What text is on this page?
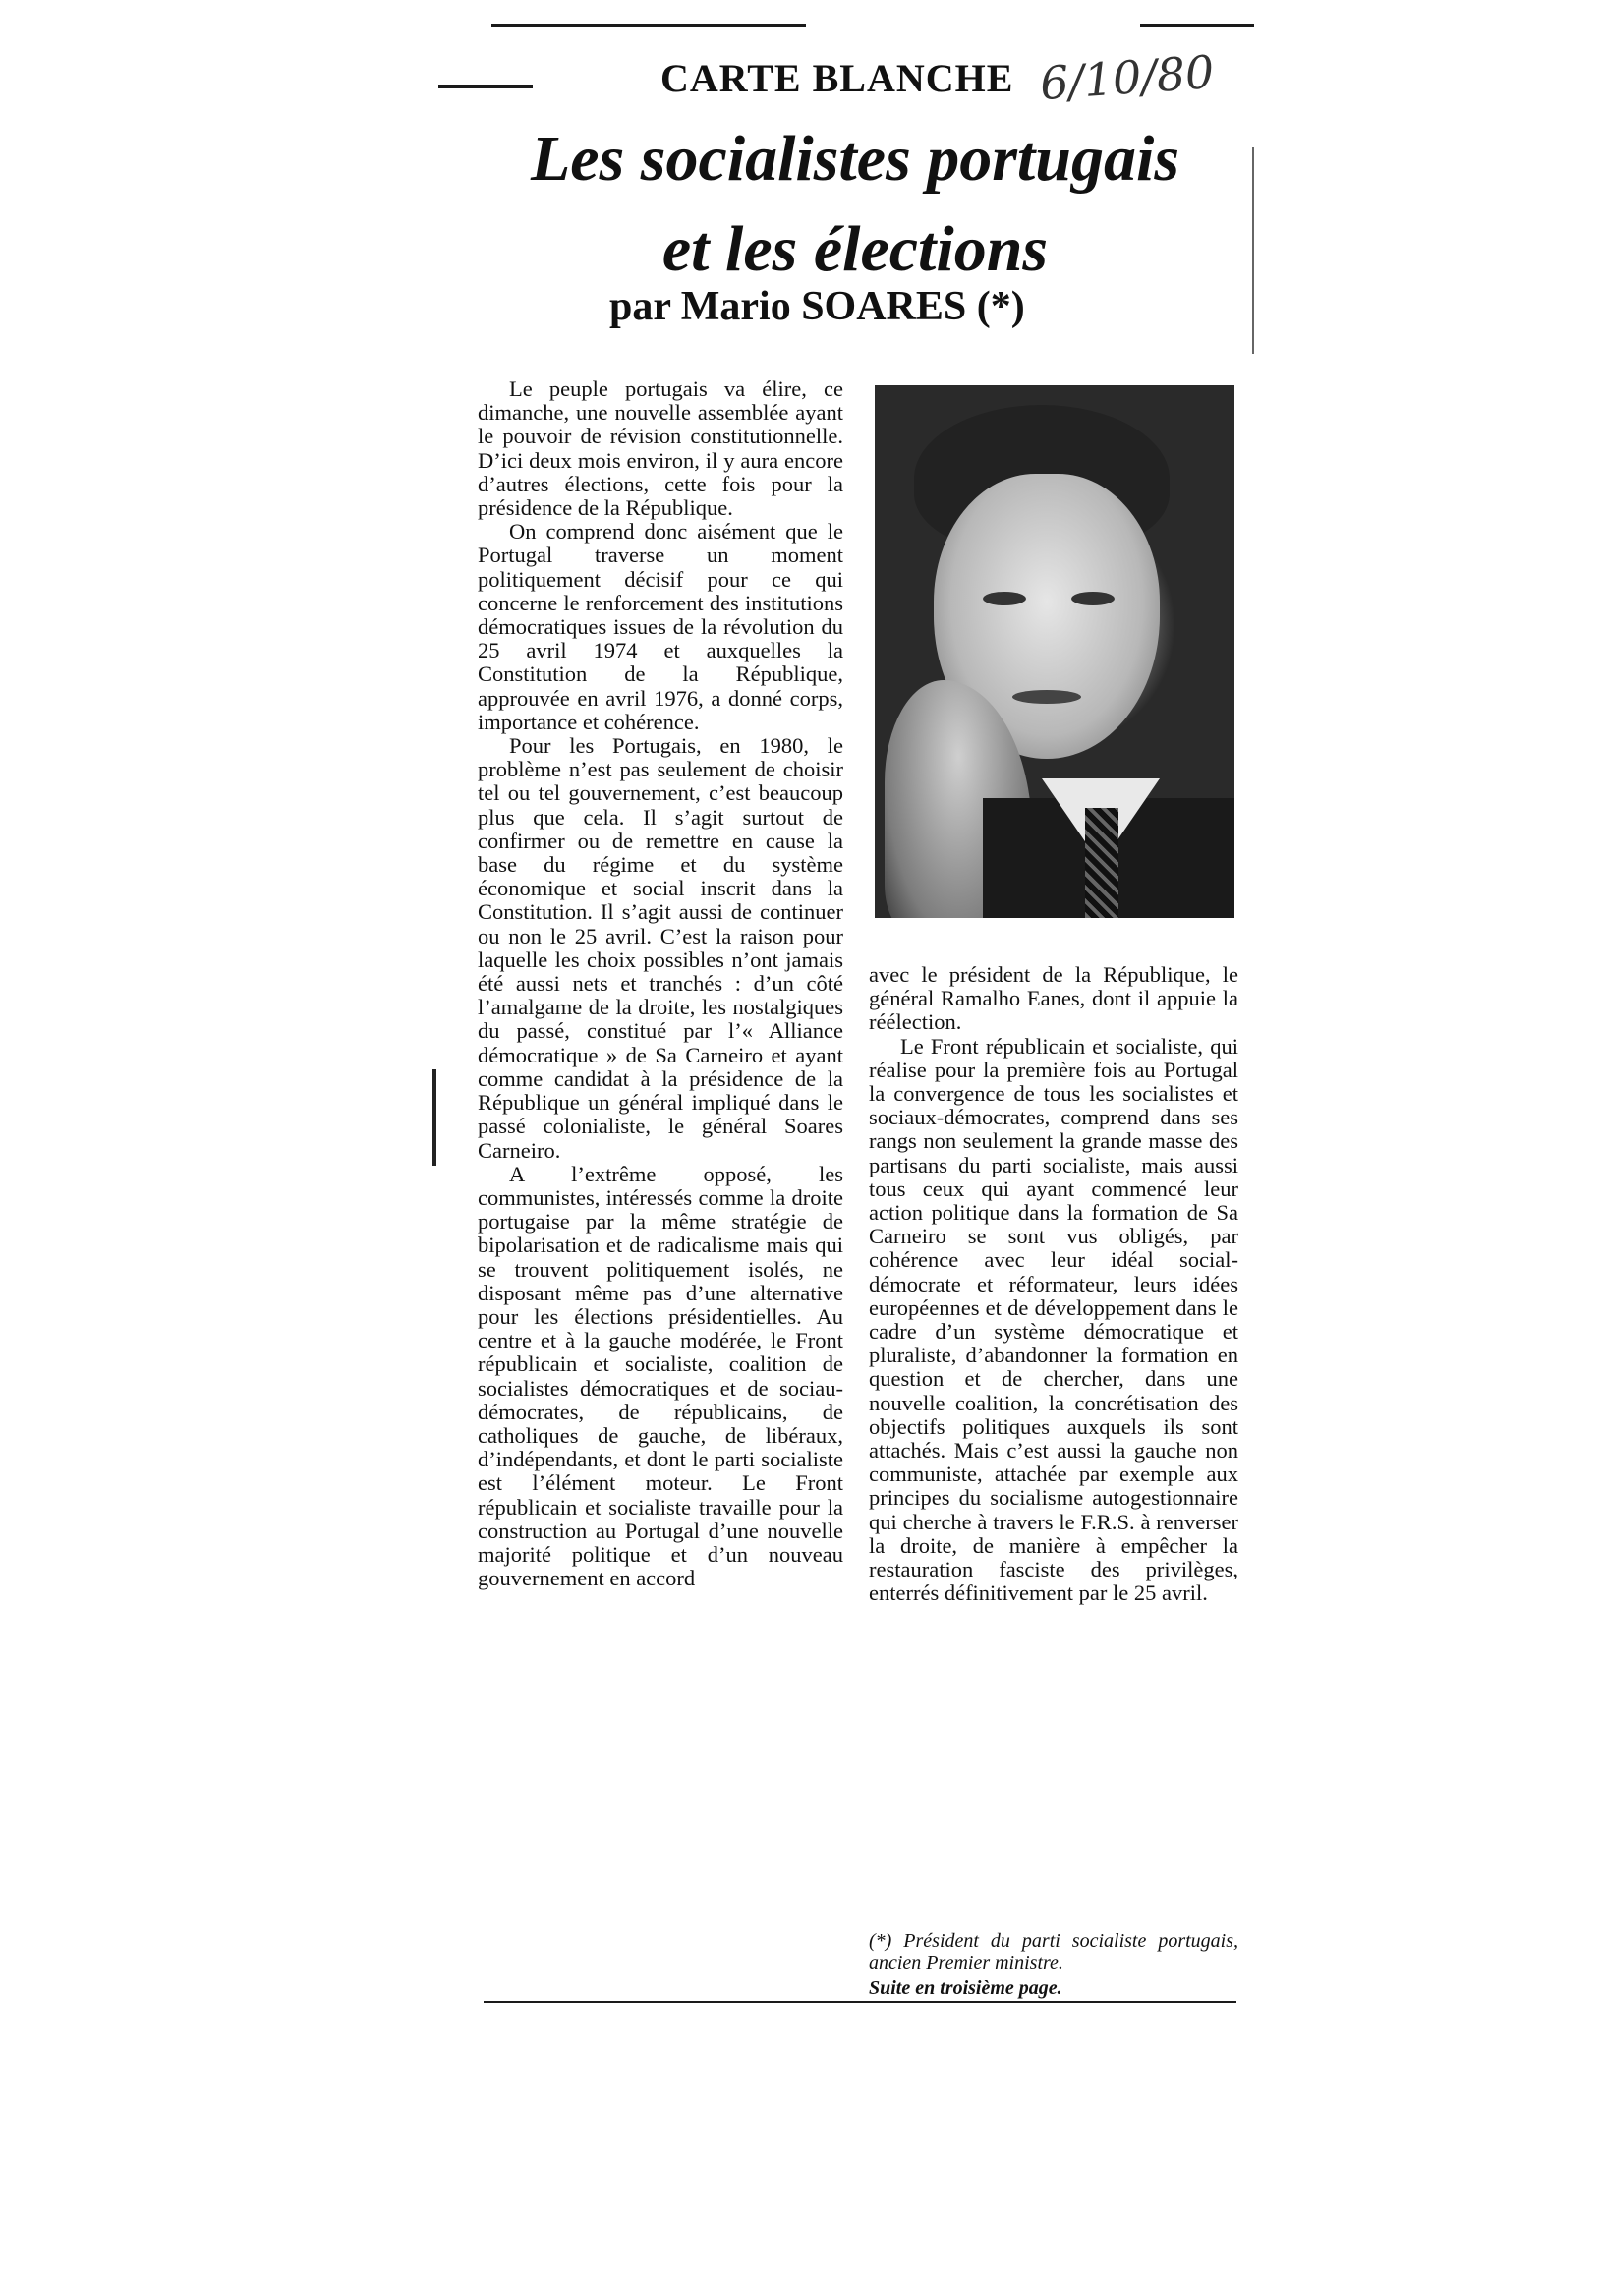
CARTE BLANCHE 6/10/80
Les socialistes portugais
et les élections
par Mario SOARES (*)

Le peuple portugais va élire, ce dimanche, une nouvelle assemblée ayant le pouvoir de révision constitutionnelle. D’ici deux mois environ, il y aura encore d’autres élections, cette fois pour la présidence de la République.

On comprend donc aisément que le Portugal traverse un moment politiquement décisif pour ce qui concerne le renforcement des institutions démocratiques issues de la révolution du 25 avril 1974 et auxquelles la Constitution de la République, approuvée en avril 1976, a donné corps, importance et cohérence.

Pour les Portugais, en 1980, le problème n’est pas seulement de choisir tel ou tel gouvernement, c’est beaucoup plus que cela. Il s’agit surtout de confirmer ou de remettre en cause la base du régime et du système économique et social inscrit dans la Constitution. Il s’agit aussi de continuer ou non le 25 avril. C’est la raison pour laquelle les choix possibles n’ont jamais été aussi nets et tranchés : d’un côté l’amalgame de la droite, les nostalgiques du passé, constitué par l’« Alliance démocratique » de Sa Carneiro et ayant comme candidat à la présidence de la République un général impliqué dans le passé colonialiste, le général Soares Carneiro.

A l’extrême opposé, les communistes, intéressés comme la droite portugaise par la même stratégie de bipolarisation et de radicalisme mais qui se trouvent politiquement isolés, ne disposant même pas d’une alternative pour les élections présidentielles. Au centre et à la gauche modérée, le Front républicain et socialiste, coalition de socialistes démocratiques et de sociau-démocrates, de républicains, de catholiques de gauche, de libéraux, d’indépendants, et dont le parti socialiste est l’élément moteur. Le Front républicain et socialiste travaille pour la construction au Portugal d’une nouvelle majorité politique et d’un nouveau gouvernement en accord

avec le président de la République, le général Ramalho Eanes, dont il appuie la réélection.

Le Front républicain et socialiste, qui réalise pour la première fois au Portugal la convergence de tous les socialistes et sociaux-démocrates, comprend dans ses rangs non seulement la grande masse des partisans du parti socialiste, mais aussi tous ceux qui ayant commencé leur action politique dans la formation de Sa Carneiro se sont vus obligés, par cohérence avec leur idéal social-démocrate et réformateur, leurs idées européennes et de développement dans le cadre d’un système démocratique et pluraliste, d’abandonner la formation en question et de chercher, dans une nouvelle coalition, la concrétisation des objectifs politiques auxquels ils sont attachés. Mais c’est aussi la gauche non communiste, attachée par exemple aux principes du socialisme autogestionnaire qui cherche à travers le F.R.S. à renverser la droite, de manière à empêcher la restauration fasciste des privilèges, enterrés définitivement par le 25 avril.

(*) Président du parti socialiste portugais, ancien Premier ministre.
Suite en troisième page.
